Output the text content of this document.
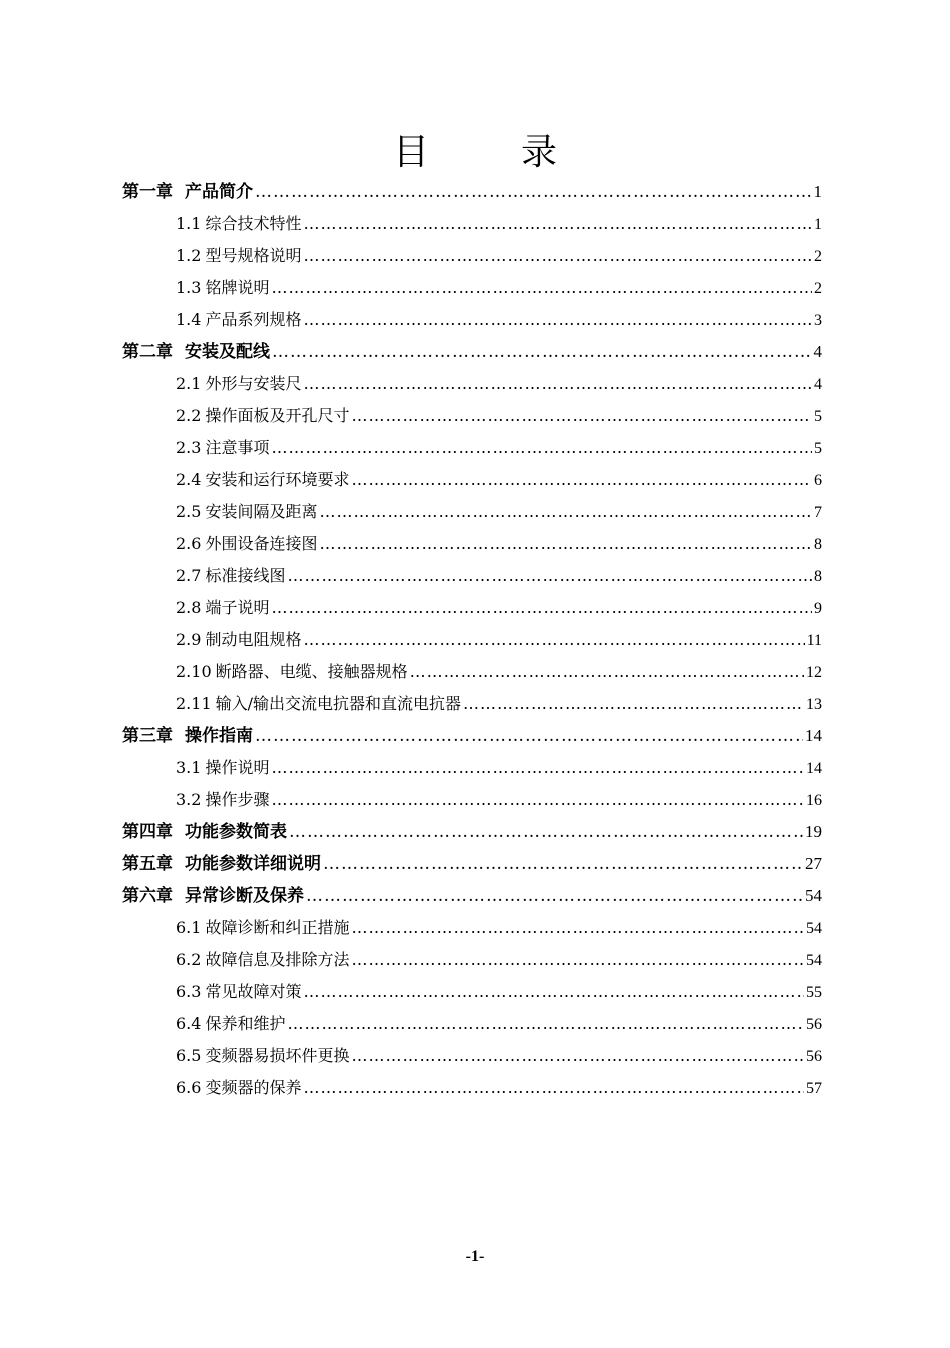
目　录
第一章 产品简介 ……………………………………………………………………………………………………………………………………………………………	1
1.1 综合技术特性 ……………………………………………………………………………………………………………………………………………………………	1
1.2 型号规格说明 ……………………………………………………………………………………………………………………………………………………………	2
1.3 铭牌说明 ……………………………………………………………………………………………………………………………………………………………	2
1.4 产品系列规格 ……………………………………………………………………………………………………………………………………………………………	3
第二章 安装及配线 ……………………………………………………………………………………………………………………………………………………………	4
2.1 外形与安装尺 ……………………………………………………………………………………………………………………………………………………………	4
2.2 操作面板及开孔尺寸 ……………………………………………………………………………………………………………………………………………………………	5
2.3 注意事项 ……………………………………………………………………………………………………………………………………………………………	5
2.4 安装和运行环境要求 ……………………………………………………………………………………………………………………………………………………………	6
2.5 安装间隔及距离 ……………………………………………………………………………………………………………………………………………………………	7
2.6 外围设备连接图 ……………………………………………………………………………………………………………………………………………………………	8
2.7 标准接线图 ……………………………………………………………………………………………………………………………………………………………	8
2.8 端子说明 ……………………………………………………………………………………………………………………………………………………………	9
2.9 制动电阻规格 ……………………………………………………………………………………………………………………………………………………………	11
2.10 断路器、电缆、接触器规格 ……………………………………………………………………………………………………………………………………………………………	12
2.11 输入/输出交流电抗器和直流电抗器 ……………………………………………………………………………………………………………………………………………………………	13
第三章 操作指南 ……………………………………………………………………………………………………………………………………………………………	14
3.1 操作说明 ……………………………………………………………………………………………………………………………………………………………	14
3.2 操作步骤 ……………………………………………………………………………………………………………………………………………………………	16
第四章 功能参数简表 ……………………………………………………………………………………………………………………………………………………………	19
第五章 功能参数详细说明 ……………………………………………………………………………………………………………………………………………………………	27
第六章 异常诊断及保养 ……………………………………………………………………………………………………………………………………………………………	54
6.1 故障诊断和纠正措施 ……………………………………………………………………………………………………………………………………………………………	54
6.2 故障信息及排除方法 ……………………………………………………………………………………………………………………………………………………………	54
6.3 常见故障对策 ……………………………………………………………………………………………………………………………………………………………	55
6.4 保养和维护 ……………………………………………………………………………………………………………………………………………………………	56
6.5 变频器易损坏件更换 ……………………………………………………………………………………………………………………………………………………………	56
6.6 变频器的保养 ……………………………………………………………………………………………………………………………………………………………	57
-1-
